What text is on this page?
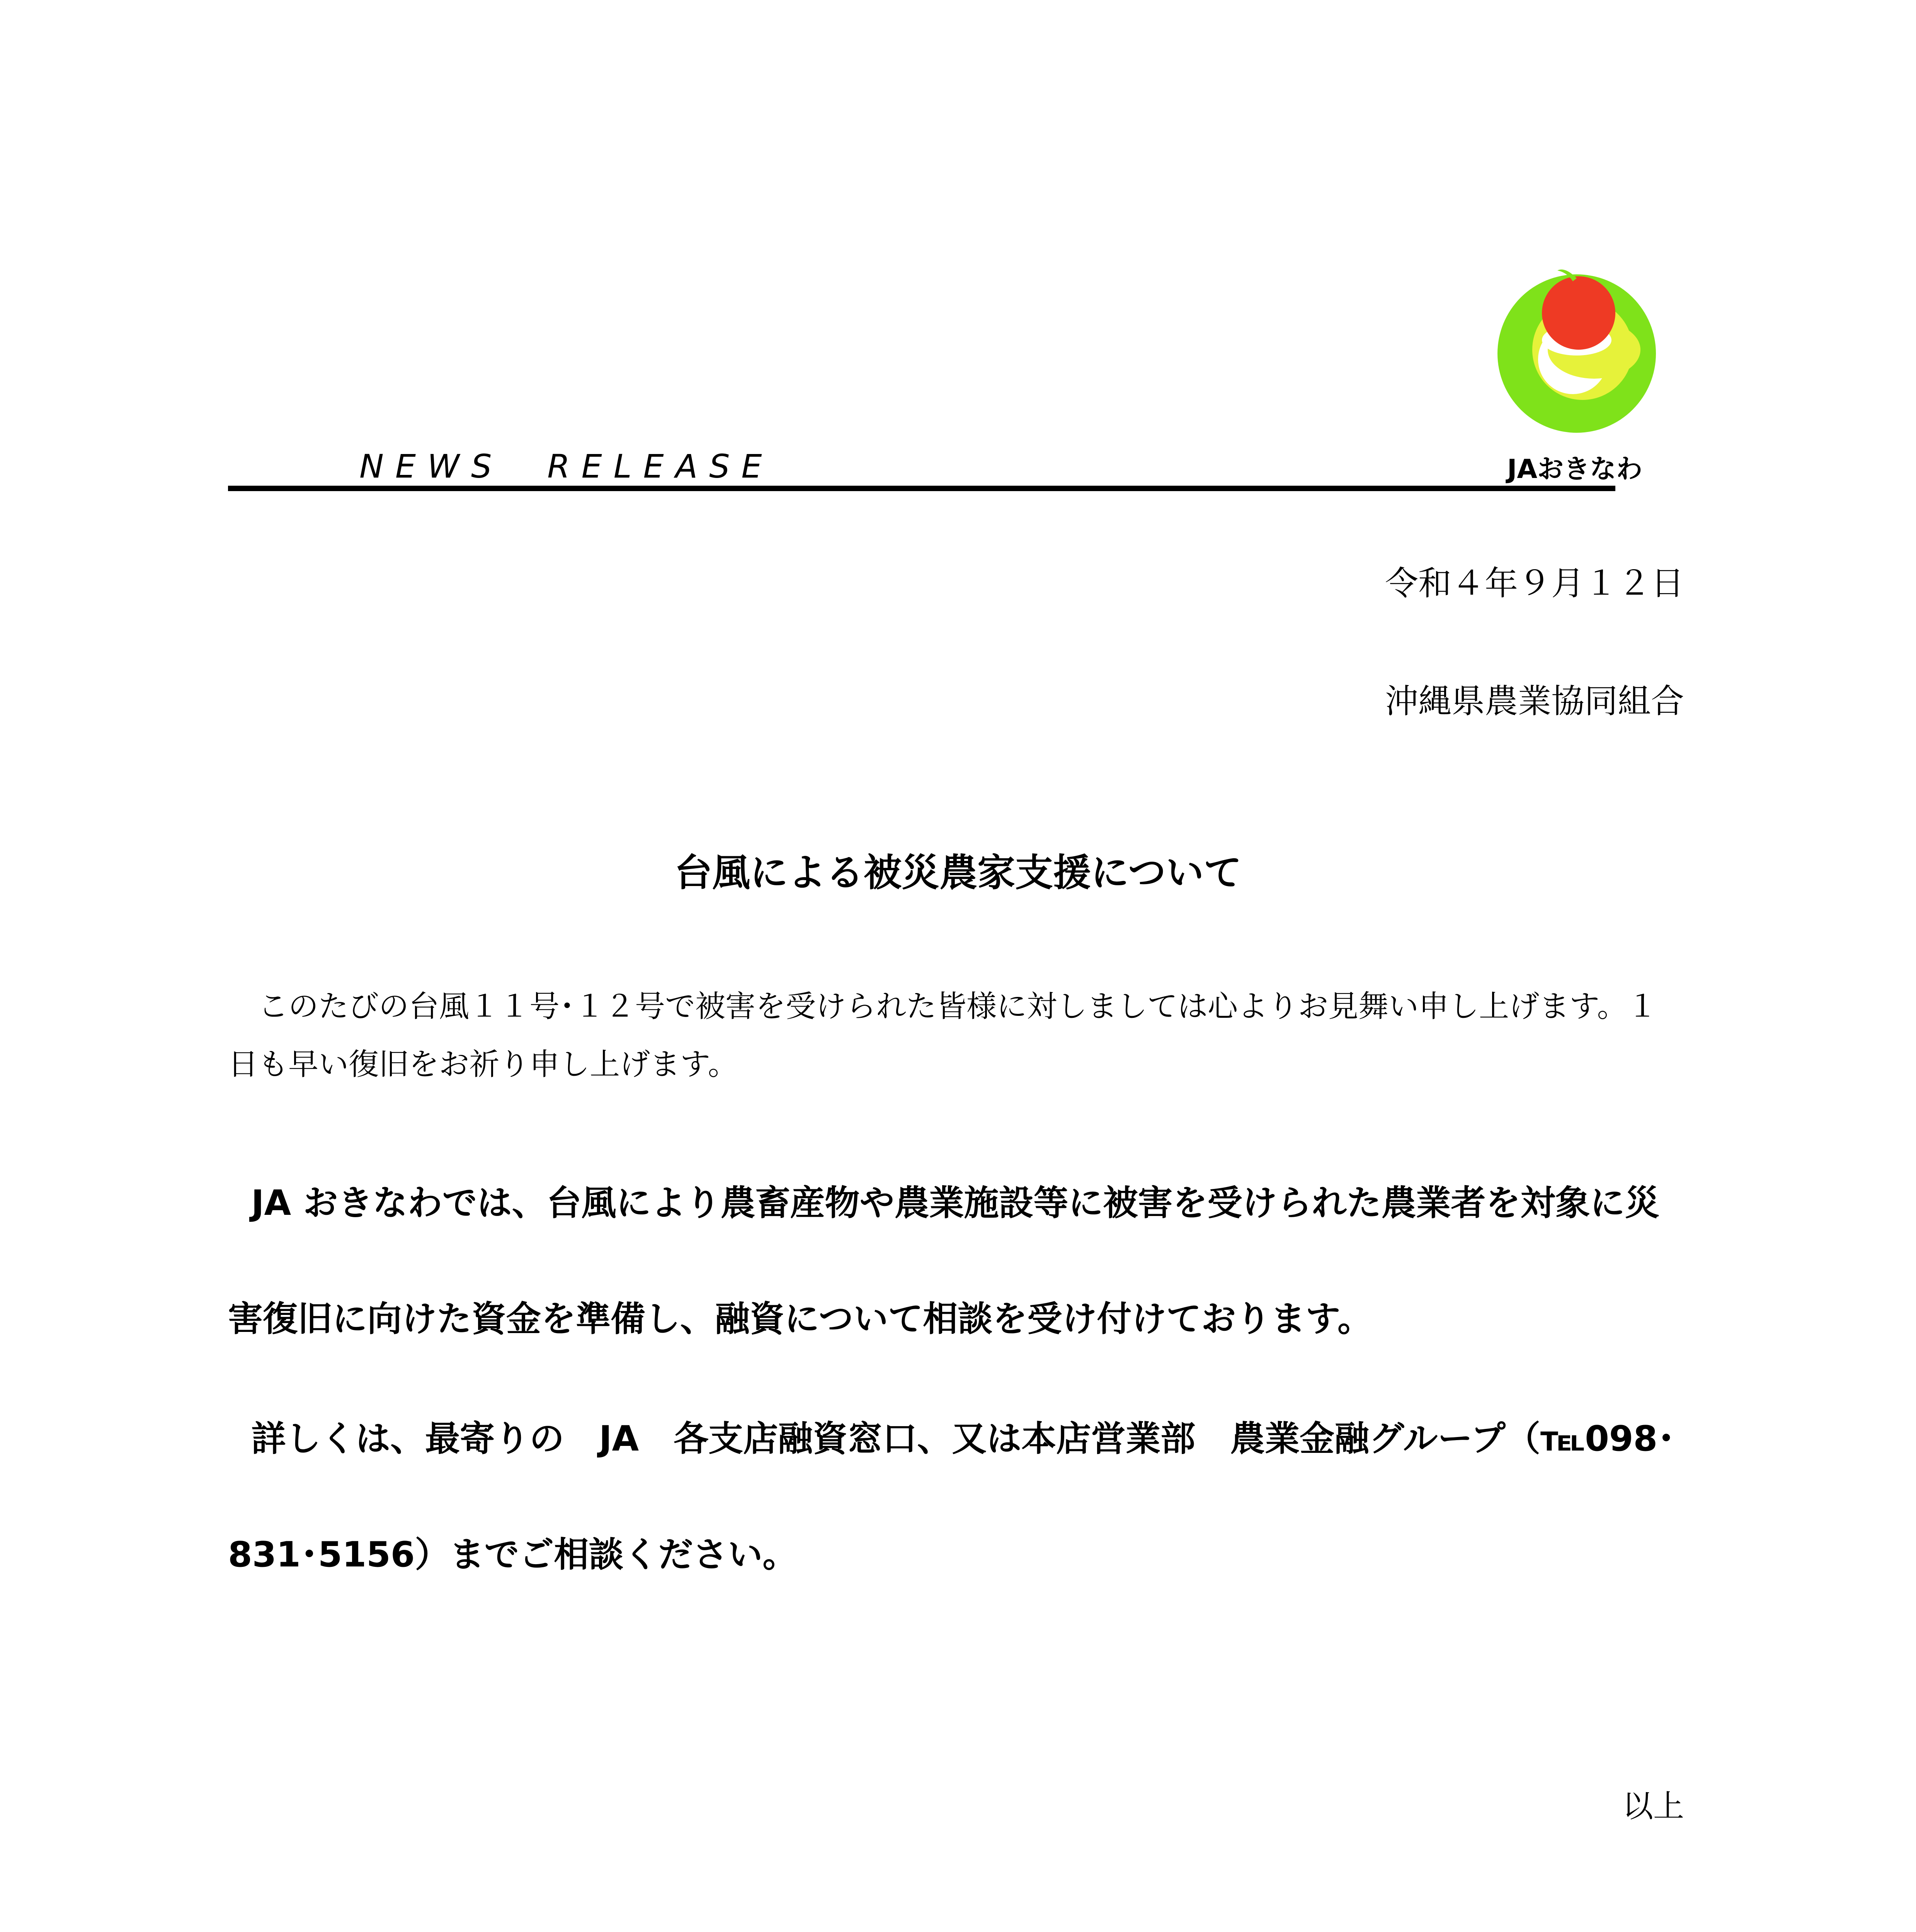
JAおきなわ
NEWS　RELEASE
令和４年９月１２日
沖縄県農業協同組合
台風による被災農家支援について
このたびの台風１１号･１２号で被害を受けられた皆様に対しましては心よりお見舞い申し上げます。１日も早い復旧をお祈り申し上げます。
JA おきなわでは、台風により農畜産物や農業施設等に被害を受けられた農業者を対象に災
害復旧に向けた資金を準備し、融資について相談を受け付けております。
詳しくは、最寄りの　JA　各支店融資窓口、又は本店営業部　農業金融グループ（℡098･
831･5156）までご相談ください。
以上
